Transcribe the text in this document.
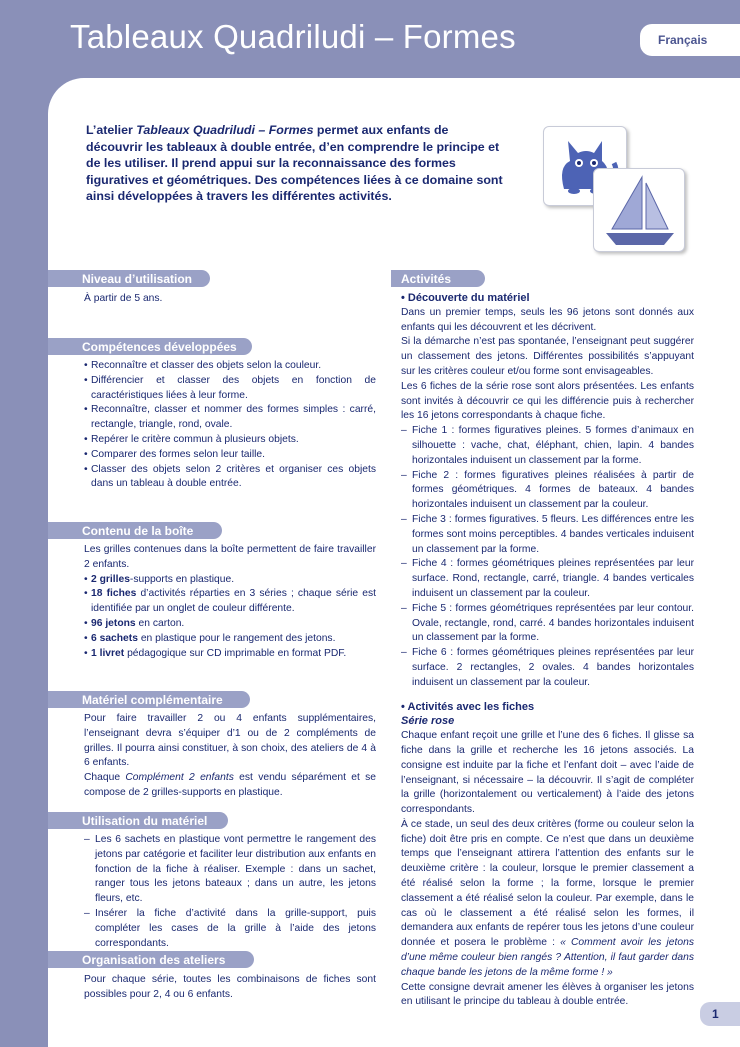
Tableaux Quadriludi – Formes	Français
L’atelier Tableaux Quadriludi – Formes permet aux enfants de découvrir les tableaux à double entrée, d’en comprendre le principe et de les utiliser. Il prend appui sur la reconnaissance des formes figuratives et géométriques. Des compétences liées à ce domaine sont ainsi développées à travers les différentes activités.
Niveau d’utilisation

À partir de 5 ans.

Compétences développées
• Reconnaître et classer des objets selon la couleur.
• Différencier et classer des objets en fonction de caractéristiques liées à leur forme.
• Reconnaître, classer et nommer des formes simples : carré, rectangle, triangle, rond, ovale.
• Repérer le critère commun à plusieurs objets.
• Comparer des formes selon leur taille.
• Classer des objets selon 2 critères et organiser ces objets dans un tableau à double entrée.
Contenu de la boîte

Les grilles contenues dans la boîte permettent de faire travailler 2 enfants.

• 2 grilles-supports en plastique.
• 18 fiches d’activités réparties en 3 séries ; chaque série est identifiée par un onglet de couleur différente.
• 96 jetons en carton.
• 6 sachets en plastique pour le rangement des jetons.
• 1 livret pédagogique sur CD imprimable en format PDF.
Matériel complémentaire

Pour faire travailler 2 ou 4 enfants supplémentaires, l’enseignant devra s’équiper d’1 ou de 2 compléments de grilles. Il pourra ainsi constituer, à son choix, des ateliers de 4 à 6 enfants.

Chaque Complément 2 enfants est vendu séparément et se compose de 2 grilles-supports en plastique.

Utilisation du matériel
– Les 6 sachets en plastique vont permettre le rangement des jetons par catégorie et faciliter leur distribution aux enfants en fonction de la fiche à réaliser. Exemple : dans un sachet, ranger tous les jetons bateaux ; dans un autre, les jetons fleurs, etc.
– Insérer la fiche d’activité dans la grille-support, puis compléter les cases de la grille à l’aide des jetons correspondants.
Organisation des ateliers

Pour chaque série, toutes les combinaisons de fiches sont possibles pour 2, 4 ou 6 enfants.

Activités
• Découverte du matériel

Dans un premier temps, seuls les 96 jetons sont donnés aux enfants qui les découvrent et les décrivent.

Si la démarche n’est pas spontanée, l’enseignant peut suggérer un classement des jetons. Différentes possibilités s’appuyant sur les critères couleur et/ou forme sont envisageables.

Les 6 fiches de la série rose sont alors présentées. Les enfants sont invités à découvrir ce qui les différencie puis à rechercher les 16 jetons correspondants à chaque fiche.

– Fiche 1 : formes figuratives pleines. 5 formes d’animaux en silhouette : vache, chat, éléphant, chien, lapin. 4 bandes horizontales induisent un classement par la forme.
– Fiche 2 : formes figuratives pleines réalisées à partir de formes géométriques. 4 formes de bateaux. 4 bandes horizontales induisent un classement par la couleur.
– Fiche 3 : formes figuratives. 5 fleurs. Les différences entre les formes sont moins perceptibles. 4 bandes verticales induisent un classement par la forme.
– Fiche 4 : formes géométriques pleines représentées par leur surface. Rond, rectangle, carré, triangle. 4 bandes verticales induisent un classement par la couleur.
– Fiche 5 : formes géométriques représentées par leur contour. Ovale, rectangle, rond, carré. 4 bandes horizontales induisent un classement par la forme.
– Fiche 6 : formes géométriques pleines représentées par leur surface. 2 rectangles, 2 ovales. 4 bandes horizontales induisent un classement par la couleur.
• Activités avec les fiches
Série rose

Chaque enfant reçoit une grille et l’une des 6 fiches. Il glisse sa fiche dans la grille et recherche les 16 jetons associés. La consigne est induite par la fiche et l’enfant doit – avec l’aide de l’enseignant, si nécessaire – la découvrir. Il s’agit de compléter la grille (horizontalement ou verticalement) à l’aide des jetons correspondants.

À ce stade, un seul des deux critères (forme ou couleur selon la fiche) doit être pris en compte. Ce n’est que dans un deuxième temps que l’enseignant attirera l’attention des enfants sur le deuxième critère : la couleur, lorsque le premier classement a été réalisé selon la forme ; la forme, lorsque le premier classement a été réalisé selon la couleur. Par exemple, dans le cas où le classement a été réalisé selon les formes, il demandera aux enfants de repérer tous les jetons d’une couleur donnée et posera le problème : « Comment avoir les jetons d’une même couleur bien rangés ? Attention, il faut garder dans chaque bande les jetons de la même forme ! »

Cette consigne devrait amener les élèves à organiser les jetons en utilisant le principe du tableau à double entrée.

1
